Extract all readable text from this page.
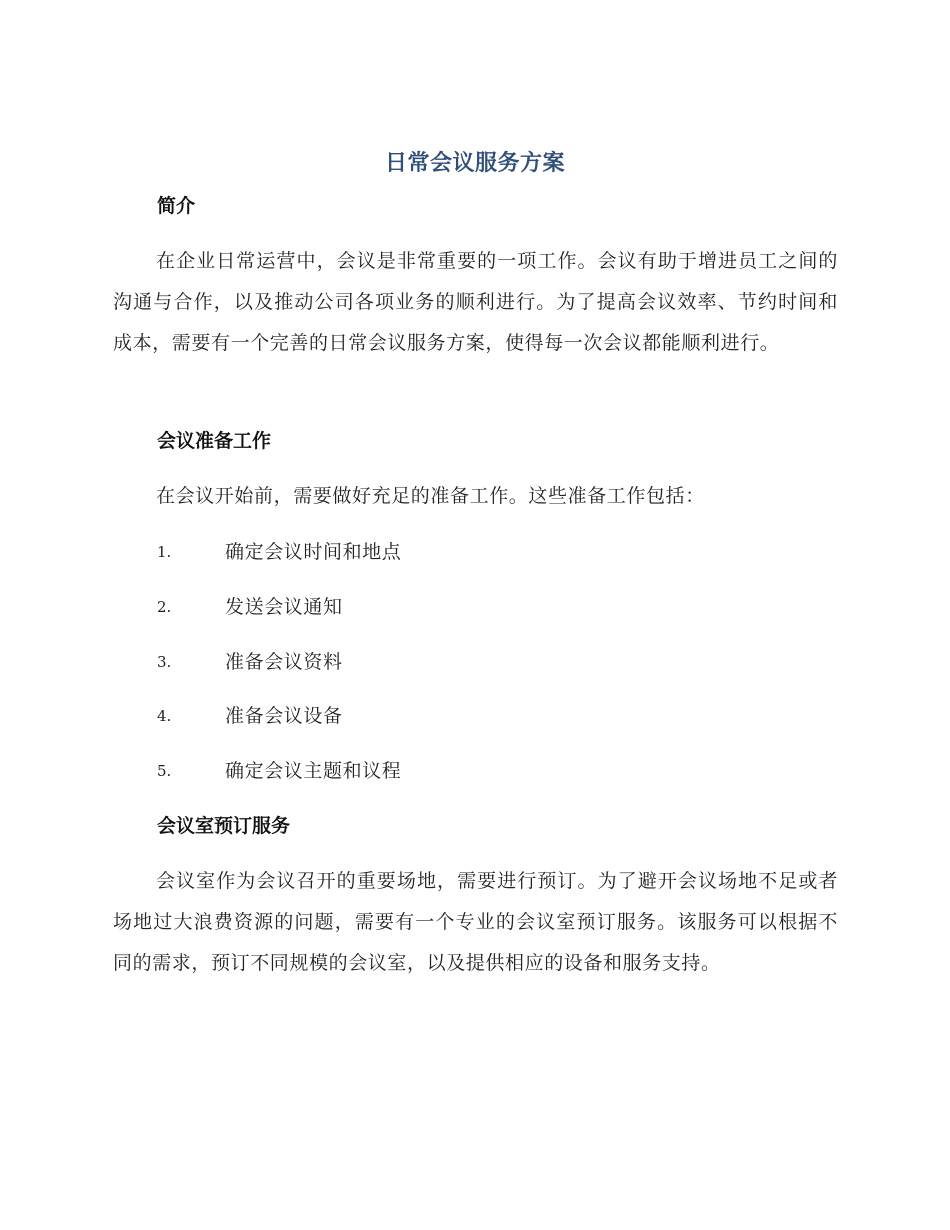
日常会议服务方案
简介
在企业日常运营中，会议是非常重要的一项工作。会议有助于增进员工之间的沟通与合作，以及推动公司各项业务的顺利进行。为了提高会议效率、节约时间和成本，需要有一个完善的日常会议服务方案，使得每一次会议都能顺利进行。
会议准备工作
在会议开始前，需要做好充足的准备工作。这些准备工作包括：
1.	确定会议时间和地点
2.	发送会议通知
3.	准备会议资料
4.	准备会议设备
5.	确定会议主题和议程
会议室预订服务
会议室作为会议召开的重要场地，需要进行预订。为了避开会议场地不足或者场地过大浪费资源的问题，需要有一个专业的会议室预订服务。该服务可以根据不同的需求，预订不同规模的会议室，以及提供相应的设备和服务支持。
